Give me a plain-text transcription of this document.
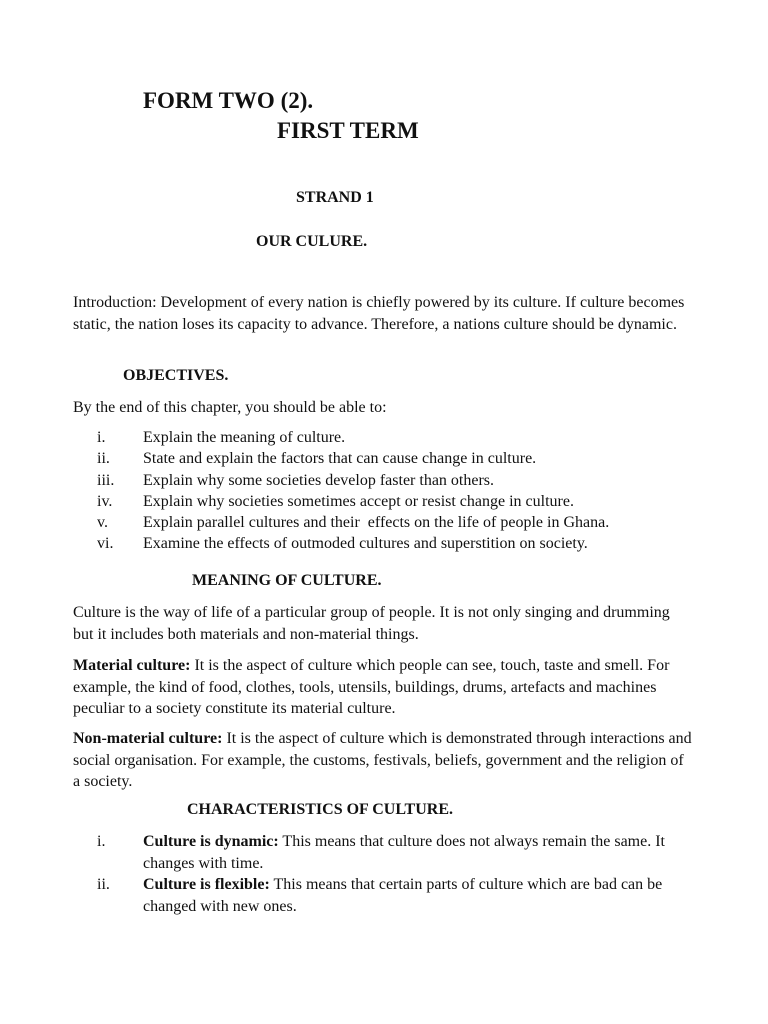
FORM TWO (2).
FIRST TERM
STRAND 1
OUR CULURE.
Introduction: Development of every nation is chiefly powered by its culture. If culture becomes static, the nation loses its capacity to advance. Therefore, a nations culture should be dynamic.
OBJECTIVES.
By the end of this chapter, you should be able to:
i. Explain the meaning of culture.
ii. State and explain the factors that can cause change in culture.
iii. Explain why some societies develop faster than others.
iv. Explain why societies sometimes accept or resist change in culture.
v. Explain parallel cultures and their  effects on the life of people in Ghana.
vi. Examine the effects of outmoded cultures and superstition on society.
MEANING OF CULTURE.
Culture is the way of life of a particular group of people. It is not only singing and drumming but it includes both materials and non-material things.
Material culture: It is the aspect of culture which people can see, touch, taste and smell. For example, the kind of food, clothes, tools, utensils, buildings, drums, artefacts and machines peculiar to a society constitute its material culture.
Non-material culture: It is the aspect of culture which is demonstrated through interactions and social organisation. For example, the customs, festivals, beliefs, government and the religion of a society.
CHARACTERISTICS OF CULTURE.
i. Culture is dynamic: This means that culture does not always remain the same. It changes with time.
ii. Culture is flexible: This means that certain parts of culture which are bad can be changed with new ones.
